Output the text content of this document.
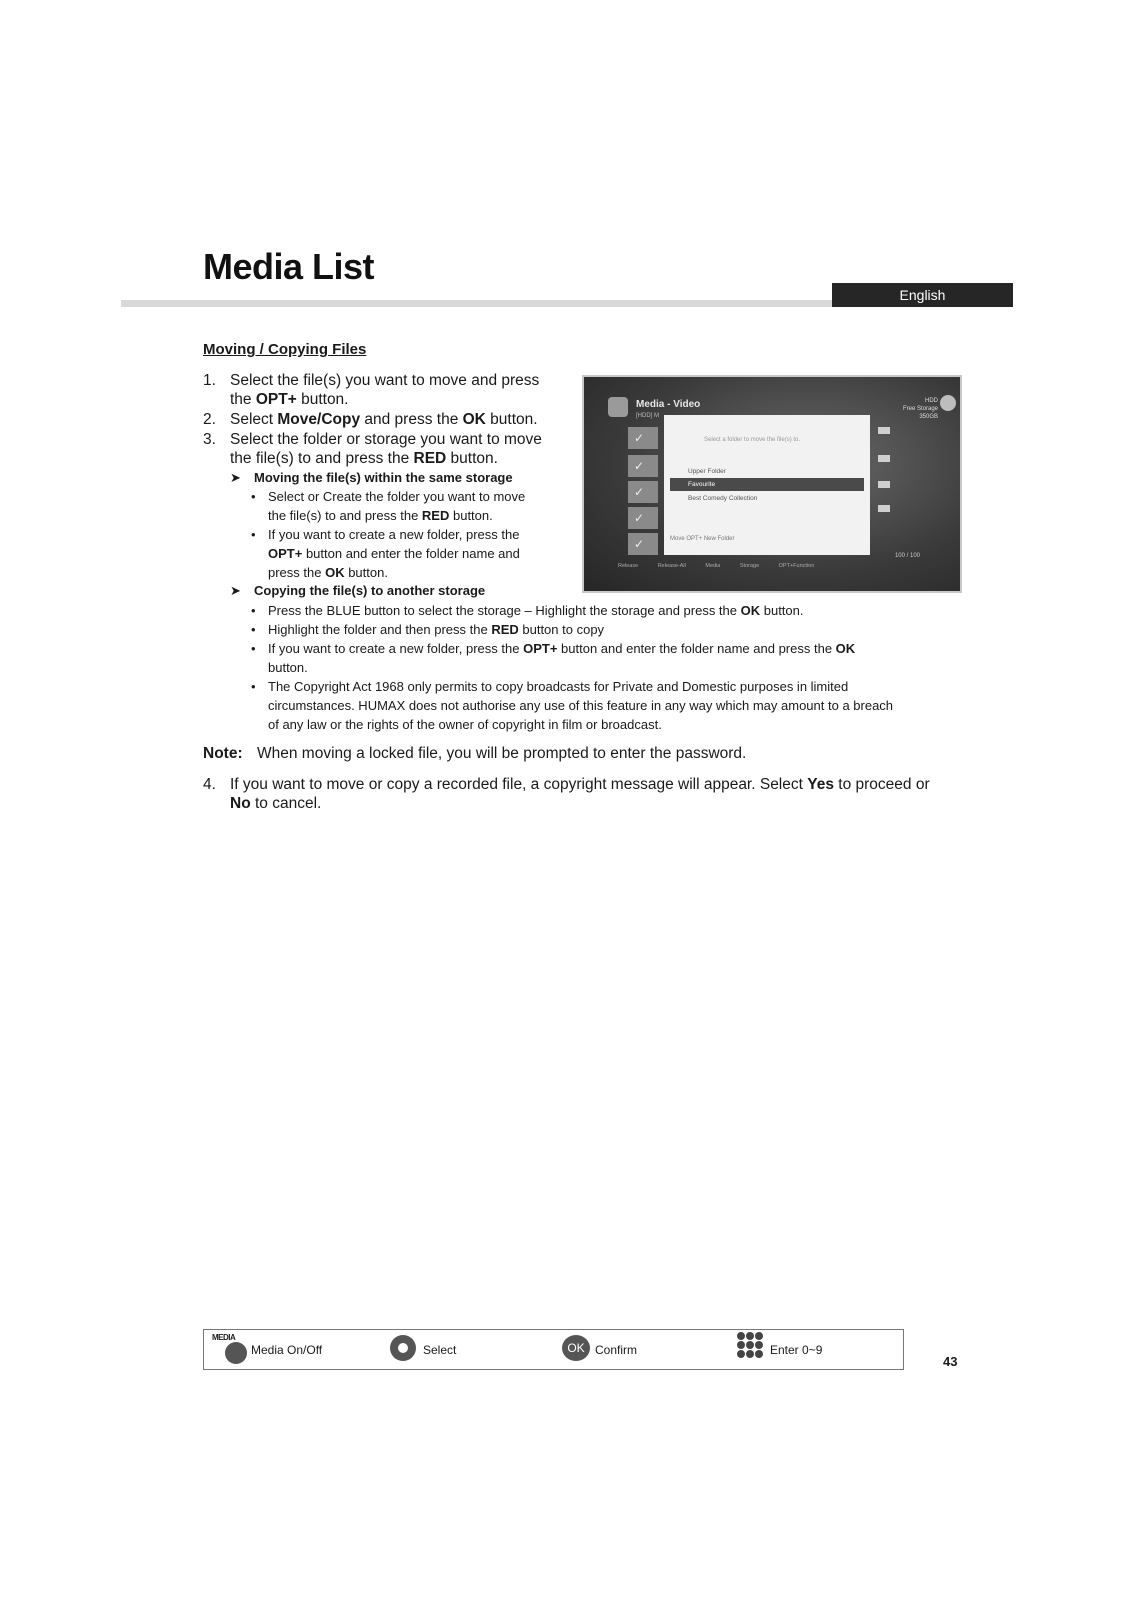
Media List
English
Moving / Copying Files
1. Select the file(s) you want to move and press
the OPT+ button.
2. Select Move/Copy and press the OK button.
3. Select the folder or storage you want to move
the file(s) to and press the RED button.
➤ Moving the file(s) within the same storage
• Select or Create the folder you want to move
the file(s) to and press the RED button.
• If you want to create a new folder, press the
OPT+ button and enter the folder name and
press the OK button.
➤ Copying the file(s) to another storage
• Press the BLUE button to select the storage – Highlight the storage and press the OK button.
• Highlight the folder and then press the RED button to copy
• If you want to create a new folder, press the OPT+ button and enter the folder name and press the OK
button.
• The Copyright Act 1968 only permits to copy broadcasts for Private and Domestic purposes in limited
circumstances. HUMAX does not authorise any use of this feature in any way which may amount to a breach
of any law or the rights of the owner of copyright in film or broadcast.
Note: When moving a locked file, you will be prompted to enter the password.
4. If you want to move or copy a recorded file, a copyright message will appear. Select Yes to proceed or
No to cancel.
Media - Video
[HDD] M
HDD
Free Storage
350GB
✓
✓
✓
✓
✓
Select a folder to move the file(s) to.
Upper Folder
Favourite
Best Comedy Collection
Move OPT+ New Folder
100 / 100
Release Release-All Media Storage OPT+Function
MEDIA
Media On/Off	Select	OK Confirm	Enter 0~9
43
